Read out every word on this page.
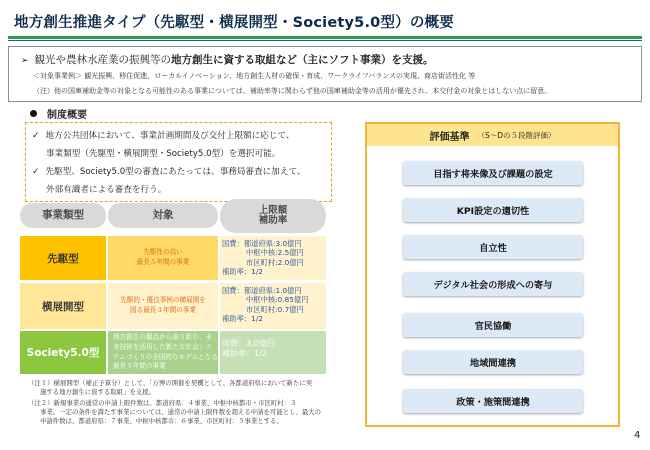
地方創生推進タイプ（先駆型・横展開型・Society5.0型）の概要
➢ 観光や農林水産業の振興等の地方創生に資する取組など（主にソフト事業）を支援。
＜対象事業例＞ 観光振興、移住促進、ローカルイノベーション、地方創生人材の確保・育成、ワークライフバランスの実現、商店街活性化 等
（注）他の国庫補助金等の対象となる可能性のある事業については、補助率等に関わらず他の国庫補助金等の活用が優先され、本交付金の対象とはしない点に留意。
制度概要
✓ 地方公共団体において、事業計画期間及び交付上限額に応じて、
事業類型（先駆型・横展開型・Society5.0型）を選択可能。
✓ 先駆型、Society5.0型の審査にあたっては、事務局審査に加えて、
外部有識者による審査を行う。
事業類型	対象	上限額
補助率
先駆型
先駆性の高い
最長５年間の事業
国費：都道府県:3.0億円
中枢中核:2.5億円
市区町村:2.0億円
補助率：1/2
横展開型
先駆的・優良事例の横展開を
図る最長３年間の事業
国費：都道府県:1.0億円
中枢中核:0.85億円
市区町村:0.7億円
補助率：1/2
Society5.0型
地方創生の観点から取り組む、未
来技術を活用した新たな社会シス
テムづくりの全国的なモデルとなる
最長５年間の事業
国費：3.0億円
補助率：1/2
（注１）横展開型（補正予算分）として、「万博の開催を契機として、各都道府県において新たに実
施する地方創生に資する取組」を支援。
（注２）新規事業の通常の申請上限件数は、都道府県：４事業、中枢中核都市・市区町村：３
事業。一定の条件を満たす事業については、通常の申請上限件数を超える申請を可能とし、最大の
申請件数は、都道府県：７事業、中枢中核都市：６事業、市区町村：５事業とする。
評価基準 （S～Dの５段階評価）
目指す将来像及び課題の設定
KPI設定の適切性
自立性
デジタル社会の形成への寄与
官民協働
地域間連携
政策・施策間連携
4
